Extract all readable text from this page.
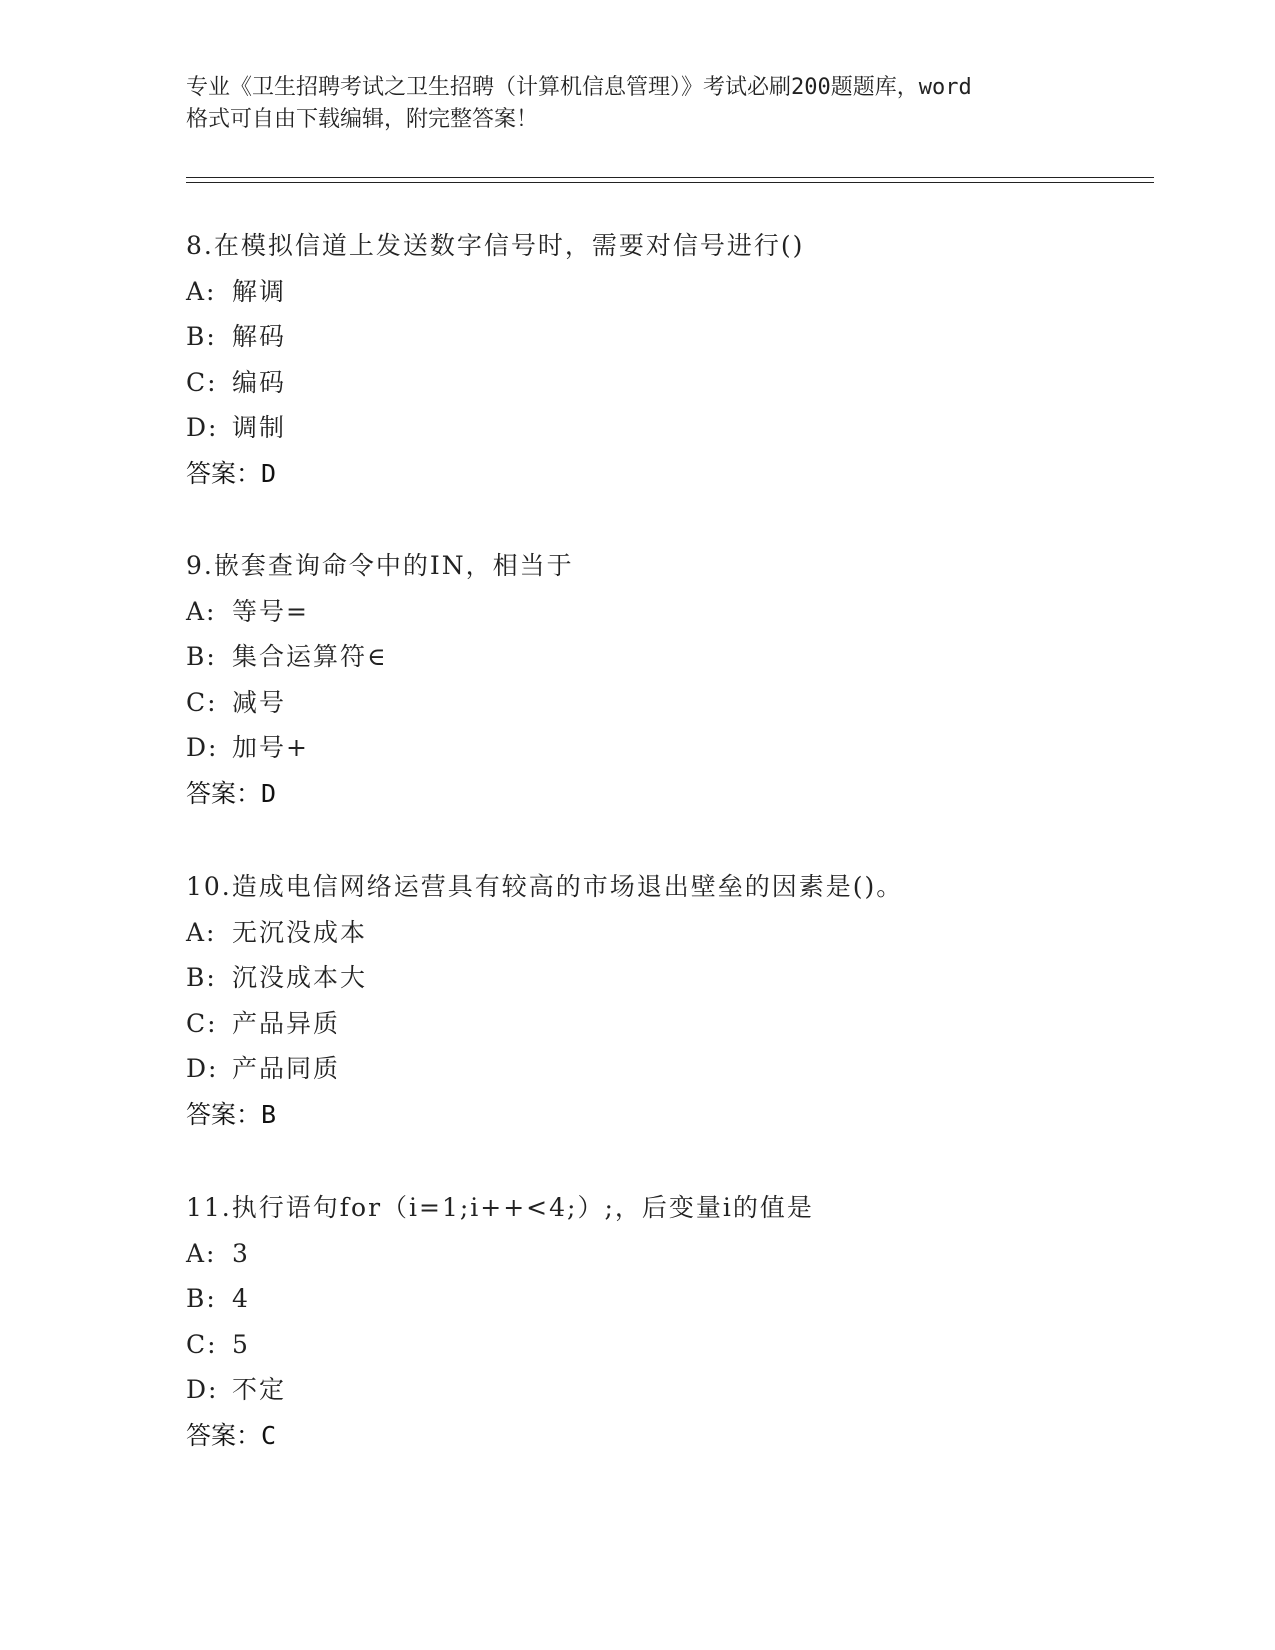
专业《卫生招聘考试之卫生招聘（计算机信息管理）》考试必刷200题题库，word

格式可自由下载编辑，附完整答案！

8.在模拟信道上发送数字信号时，需要对信号进行()

A: 解调

B: 解码

C: 编码

D: 调制

答案：D

9.嵌套查询命令中的IN，相当于

A: 等号=

B: 集合运算符∈

C: 减号

D: 加号+

答案：D

10.造成电信网络运营具有较高的市场退出壁垒的因素是()。

A: 无沉没成本

B: 沉没成本大

C: 产品异质

D: 产品同质

答案：B

11.执行语句for（i=1;i++<4;）;，后变量i的值是

A: 3

B: 4

C: 5

D: 不定

答案：C
